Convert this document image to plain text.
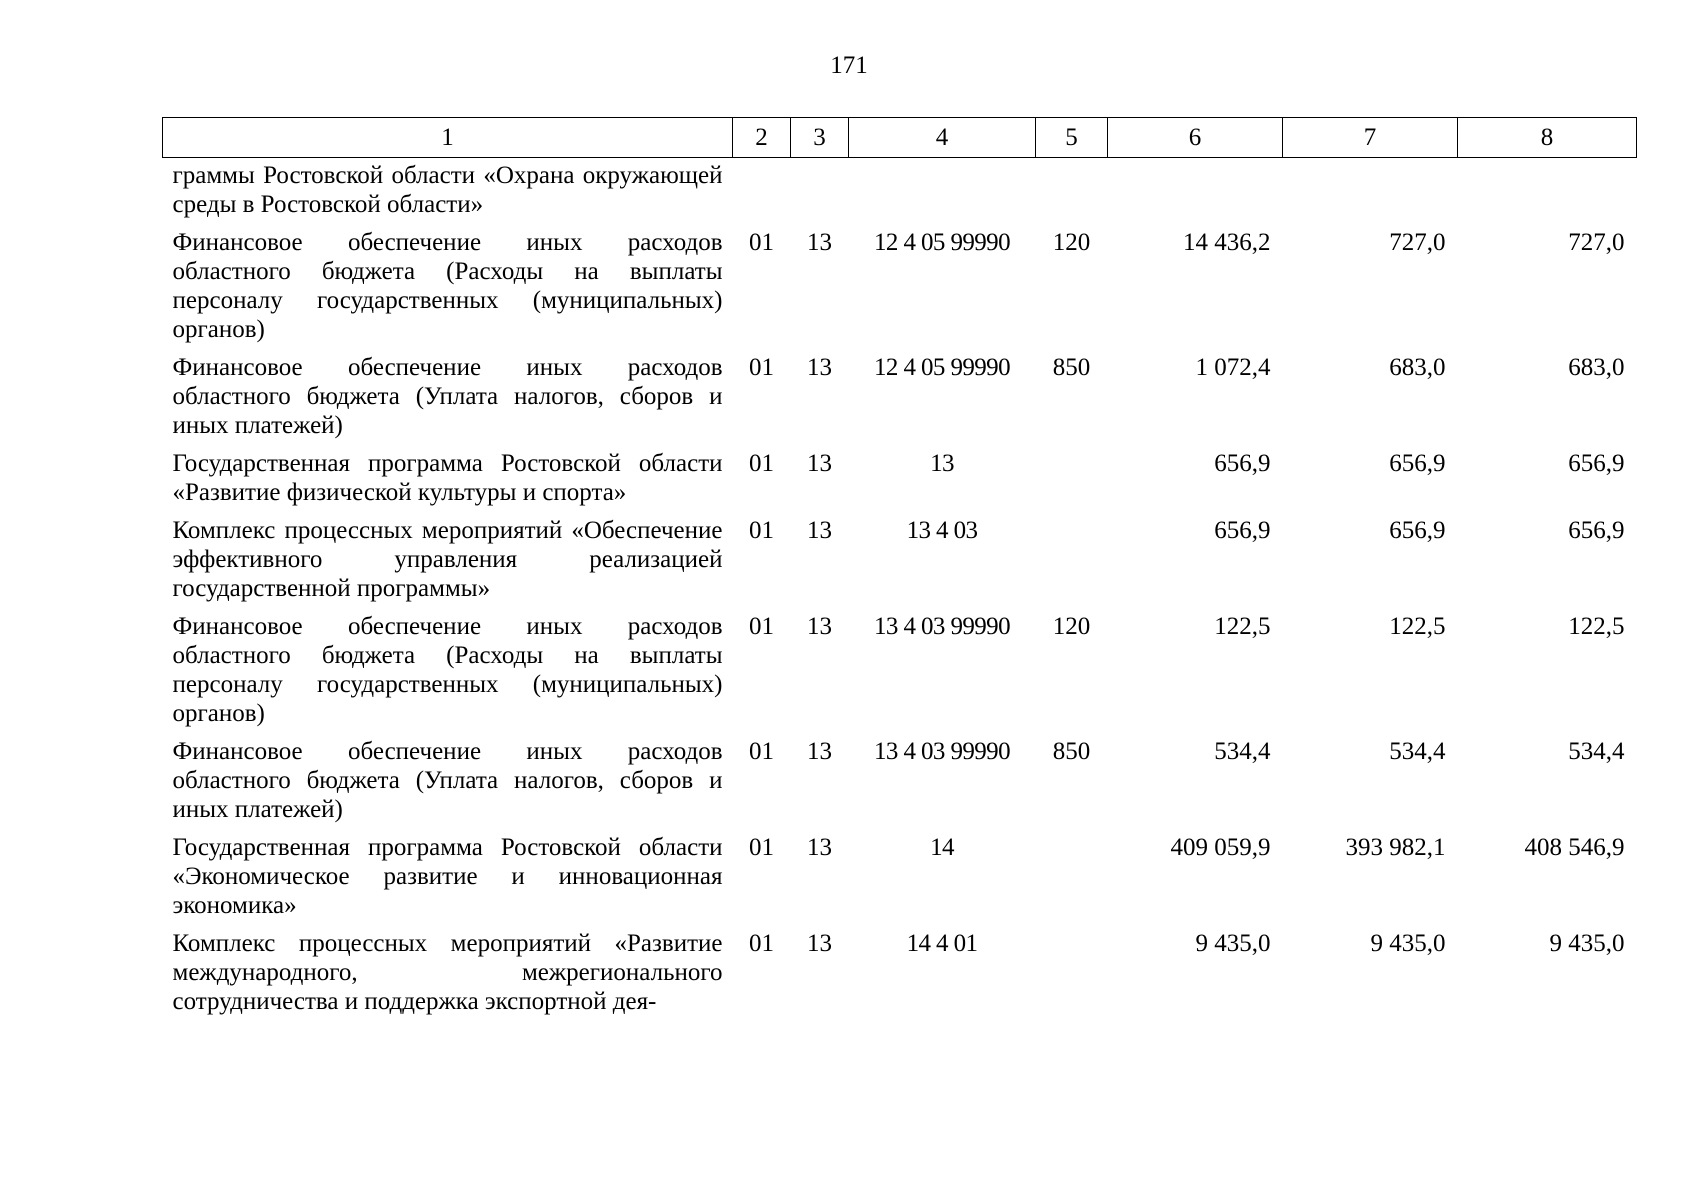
171
1	2	3	4	5	6	7	8
граммы Ростовской области «Охрана окружающей среды в Ростовской области»							
Финансовое обеспечение иных расходов областного бюджета (Расходы на выплаты персоналу государственных (муниципальных) органов)	01	13	12 4 05 99990	120	14 436,2	727,0	727,0
Финансовое обеспечение иных расходов областного бюджета (Уплата налогов, сборов и иных платежей)	01	13	12 4 05 99990	850	1 072,4	683,0	683,0
Государственная программа Ростовской области «Развитие физической культуры и спорта»	01	13	13		656,9	656,9	656,9
Комплекс процессных мероприятий «Обеспечение эффективного управления реализацией государственной программы»	01	13	13 4 03		656,9	656,9	656,9
Финансовое обеспечение иных расходов областного бюджета (Расходы на выплаты персоналу государственных (муниципальных) органов)	01	13	13 4 03 99990	120	122,5	122,5	122,5
Финансовое обеспечение иных расходов областного бюджета (Уплата налогов, сборов и иных платежей)	01	13	13 4 03 99990	850	534,4	534,4	534,4
Государственная программа Ростовской области «Экономическое развитие и инновационная экономика»	01	13	14		409 059,9	393 982,1	408 546,9
Комплекс процессных мероприятий «Развитие международного, межрегионального сотрудничества и поддержка экспортной дея-	01	13	14 4 01		9 435,0	9 435,0	9 435,0
